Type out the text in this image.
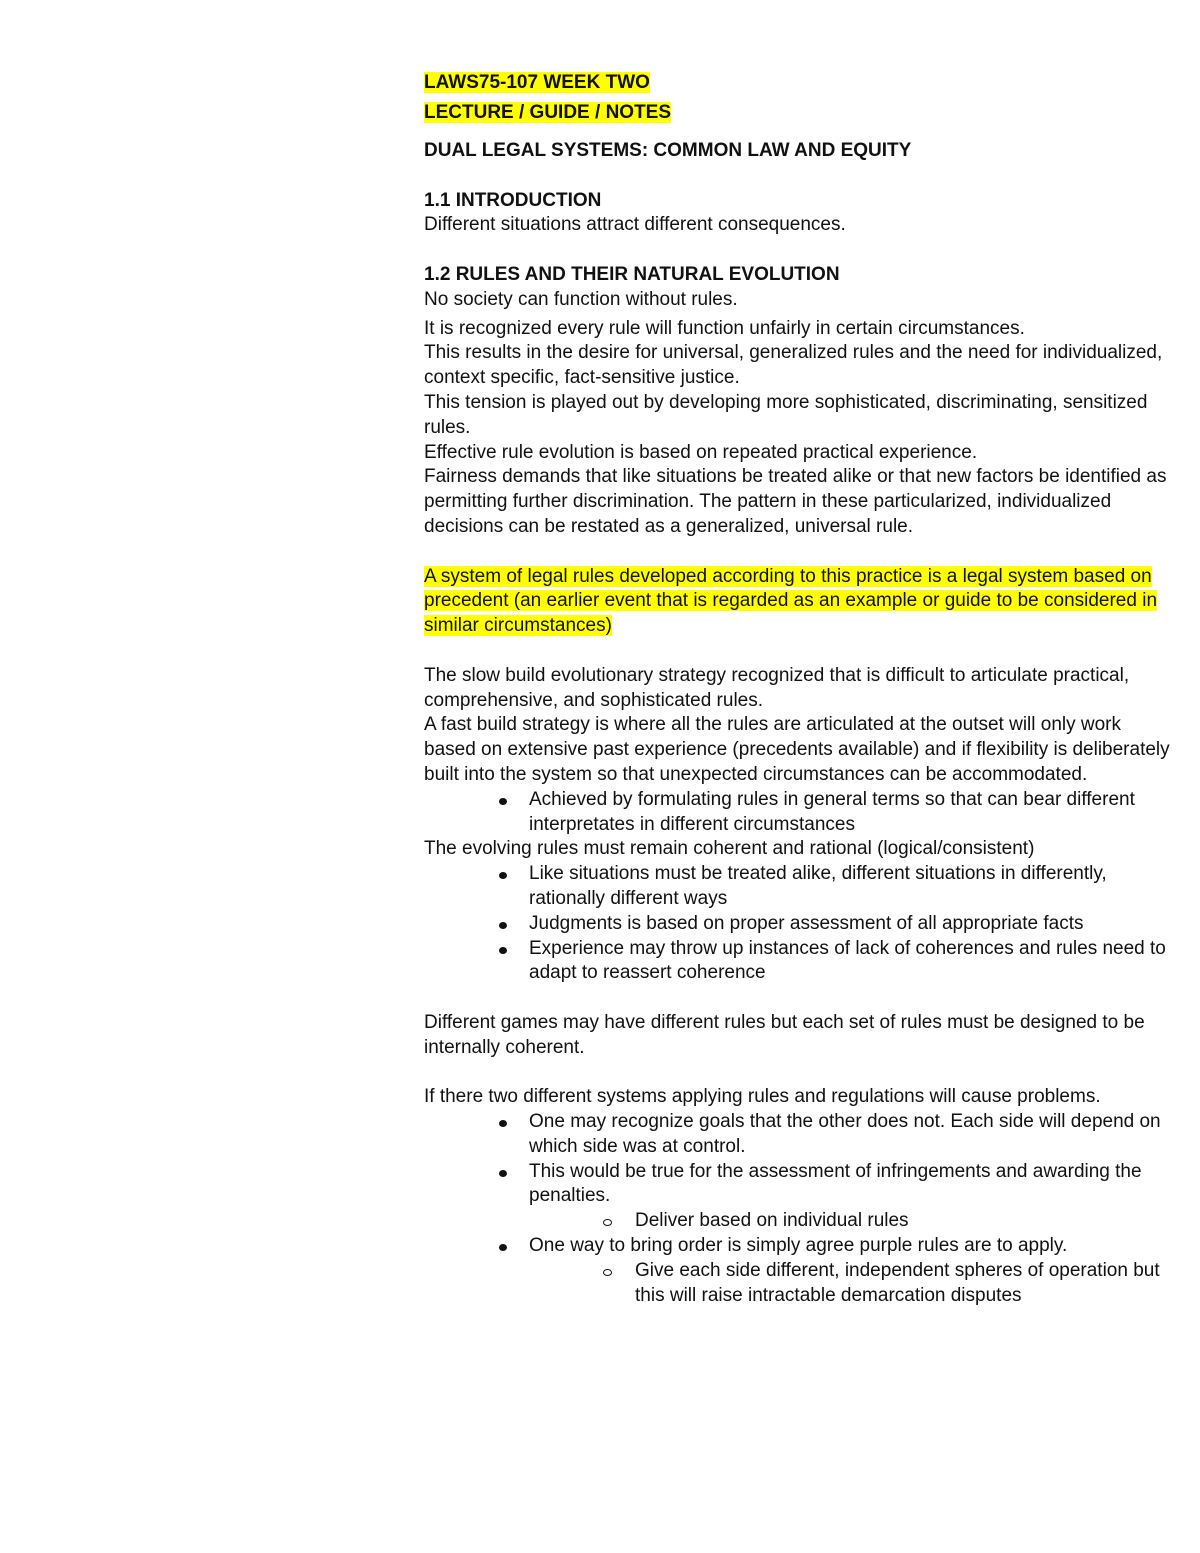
LAWS75-107 WEEK TWO
LECTURE / GUIDE / NOTES

DUAL LEGAL SYSTEMS: COMMON LAW AND EQUITY

1.1 INTRODUCTION

Different situations attract different consequences.

1.2 RULES AND THEIR NATURAL EVOLUTION

No society can function without rules.

It is recognized every rule will function unfairly in certain circumstances.

This results in the desire for universal, generalized rules and the need for individualized, context specific, fact-sensitive justice.

This tension is played out by developing more sophisticated, discriminating, sensitized rules.

Effective rule evolution is based on repeated practical experience.

Fairness demands that like situations be treated alike or that new factors be identified as permitting further discrimination. The pattern in these particularized, individualized decisions can be restated as a generalized, universal rule.

A system of legal rules developed according to this practice is a legal system based on precedent (an earlier event that is regarded as an example or guide to be considered in similar circumstances)

The slow build evolutionary strategy recognized that is difficult to articulate practical, comprehensive, and sophisticated rules.

A fast build strategy is where all the rules are articulated at the outset will only work based on extensive past experience (precedents available) and if flexibility is deliberately built into the system so that unexpected circumstances can be accommodated.

Achieved by formulating rules in general terms so that can bear different interpretates in different circumstances

The evolving rules must remain coherent and rational (logical/consistent)

Like situations must be treated alike, different situations in differently, rationally different ways
Judgments is based on proper assessment of all appropriate facts
Experience may throw up instances of lack of coherences and rules need to adapt to reassert coherence

Different games may have different rules but each set of rules must be designed to be internally coherent.

If there two different systems applying rules and regulations will cause problems.

One may recognize goals that the other does not. Each side will depend on which side was at control.
This would be true for the assessment of infringements and awarding the penalties.
Deliver based on individual rules
One way to bring order is simply agree purple rules are to apply.
Give each side different, independent spheres of operation but this will raise intractable demarcation disputes
